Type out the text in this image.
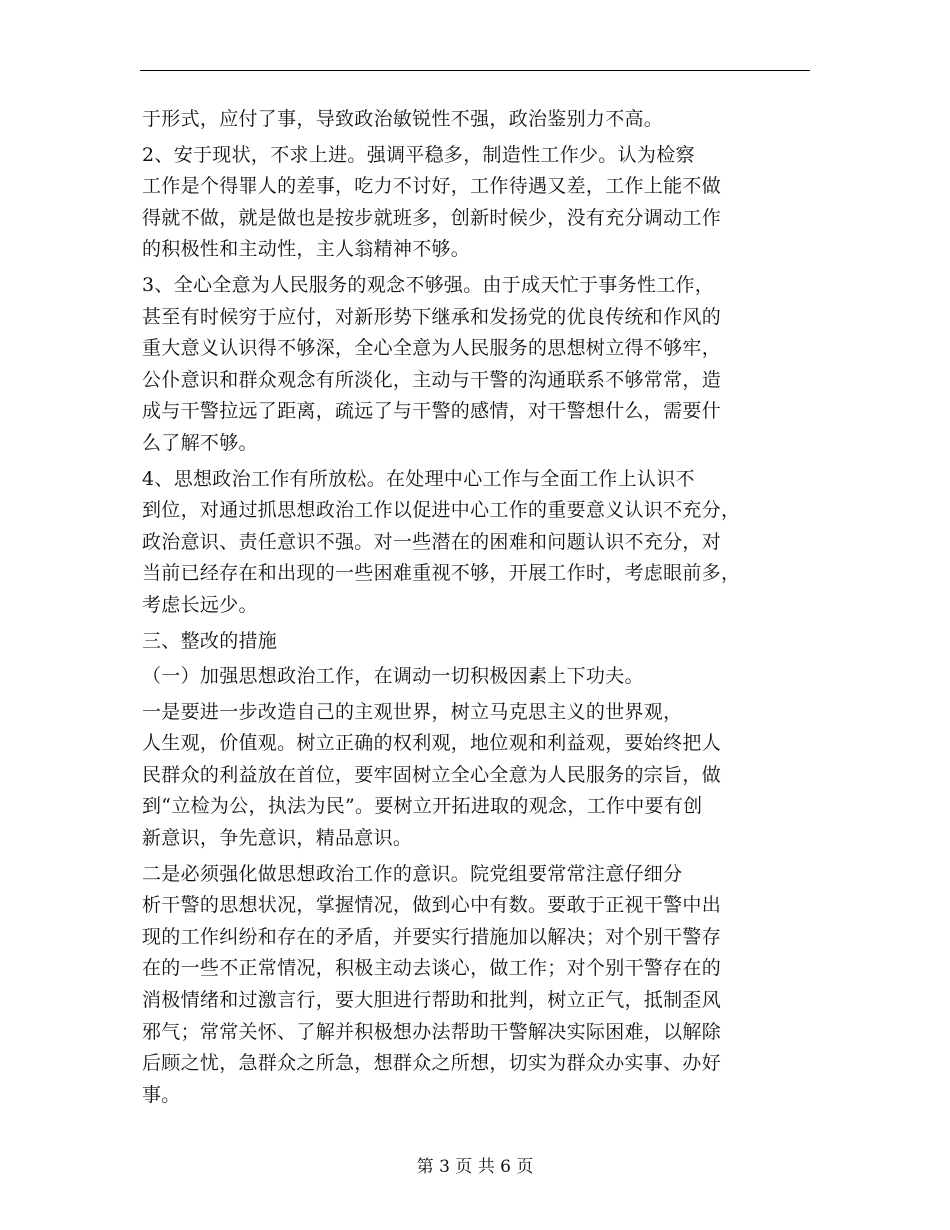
于形式，应付了事，导致政治敏锐性不强，政治鉴别力不高。
2、安于现状，不求上进。强调平稳多，制造性工作少。认为检察
工作是个得罪人的差事，吃力不讨好，工作待遇又差，工作上能不做
得就不做，就是做也是按步就班多，创新时候少，没有充分调动工作
的积极性和主动性，主人翁精神不够。
3、全心全意为人民服务的观念不够强。由于成天忙于事务性工作，
甚至有时候穷于应付，对新形势下继承和发扬党的优良传统和作风的
重大意义认识得不够深，全心全意为人民服务的思想树立得不够牢，
公仆意识和群众观念有所淡化，主动与干警的沟通联系不够常常，造
成与干警拉远了距离，疏远了与干警的感情，对干警想什么，需要什
么了解不够。
4、思想政治工作有所放松。在处理中心工作与全面工作上认识不
到位，对通过抓思想政治工作以促进中心工作的重要意义认识不充分，
政治意识、责任意识不强。对一些潜在的困难和问题认识不充分，对
当前已经存在和出现的一些困难重视不够，开展工作时，考虑眼前多，
考虑长远少。
三、整改的措施
（一）加强思想政治工作，在调动一切积极因素上下功夫。
一是要进一步改造自己的主观世界，树立马克思主义的世界观，
人生观，价值观。树立正确的权利观，地位观和利益观，要始终把人
民群众的利益放在首位，要牢固树立全心全意为人民服务的宗旨，做
到“立检为公，执法为民”。要树立开拓进取的观念，工作中要有创
新意识，争先意识，精品意识。
二是必须强化做思想政治工作的意识。院党组要常常注意仔细分
析干警的思想状况，掌握情况，做到心中有数。要敢于正视干警中出
现的工作纠纷和存在的矛盾，并要实行措施加以解决；对个别干警存
在的一些不正常情况，积极主动去谈心，做工作；对个别干警存在的
消极情绪和过激言行，要大胆进行帮助和批判，树立正气，抵制歪风
邪气；常常关怀、了解并积极想办法帮助干警解决实际困难，以解除
后顾之忧，急群众之所急，想群众之所想，切实为群众办实事、办好
事。
第 3 页 共 6 页
